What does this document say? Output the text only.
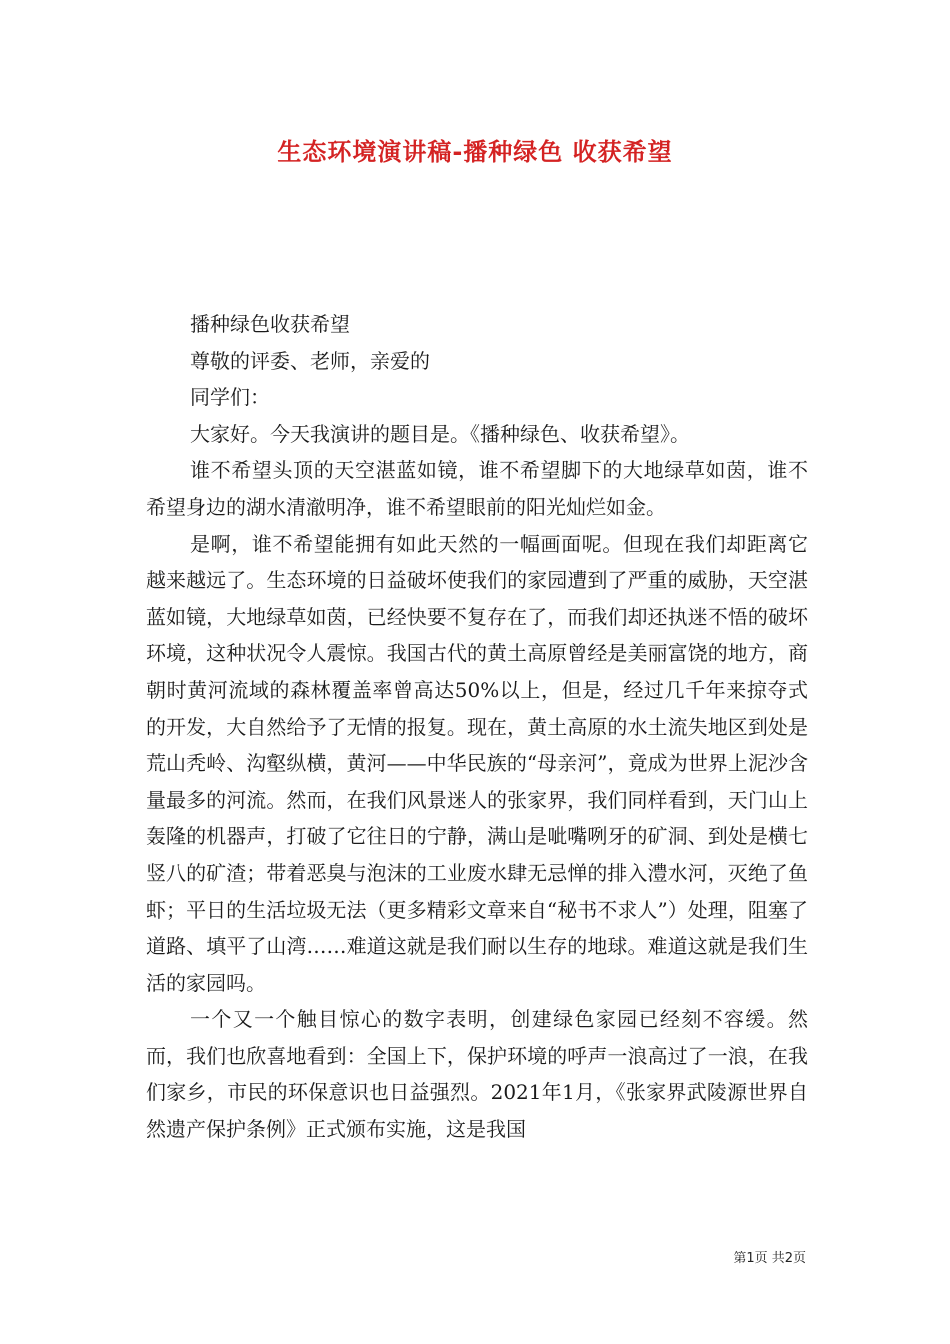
生态环境演讲稿-播种绿色 收获希望

播种绿色收获希望

尊敬的评委、老师，亲爱的

同学们：

大家好。今天我演讲的题目是。《播种绿色、收获希望》。

谁不希望头顶的天空湛蓝如镜，谁不希望脚下的大地绿草如茵，谁不希望身边的湖水清澈明净，谁不希望眼前的阳光灿烂如金。

是啊，谁不希望能拥有如此天然的一幅画面呢。但现在我们却距离它越来越远了。生态环境的日益破坏使我们的家园遭到了严重的威胁，天空湛蓝如镜，大地绿草如茵，已经快要不复存在了，而我们却还执迷不悟的破坏环境，这种状况令人震惊。我国古代的黄土高原曾经是美丽富饶的地方，商朝时黄河流域的森林覆盖率曾高达50%以上，但是，经过几千年来掠夺式的开发，大自然给予了无情的报复。现在，黄土高原的水土流失地区到处是荒山秃岭、沟壑纵横，黄河——中华民族的“母亲河”，竟成为世界上泥沙含量最多的河流。然而，在我们风景迷人的张家界，我们同样看到，天门山上轰隆的机器声，打破了它往日的宁静，满山是呲嘴咧牙的矿洞、到处是横七竖八的矿渣；带着恶臭与泡沫的工业废水肆无忌惮的排入澧水河，灭绝了鱼虾；平日的生活垃圾无法（更多精彩文章来自“秘书不求人”）处理，阻塞了道路、填平了山湾……难道这就是我们耐以生存的地球。难道这就是我们生活的家园吗。

一个又一个触目惊心的数字表明，创建绿色家园已经刻不容缓。然而，我们也欣喜地看到：全国上下，保护环境的呼声一浪高过了一浪，在我们家乡，市民的环保意识也日益强烈。2021年1月，《张家界武陵源世界自然遗产保护条例》正式颁布实施，这是我国

第1页 共2页
